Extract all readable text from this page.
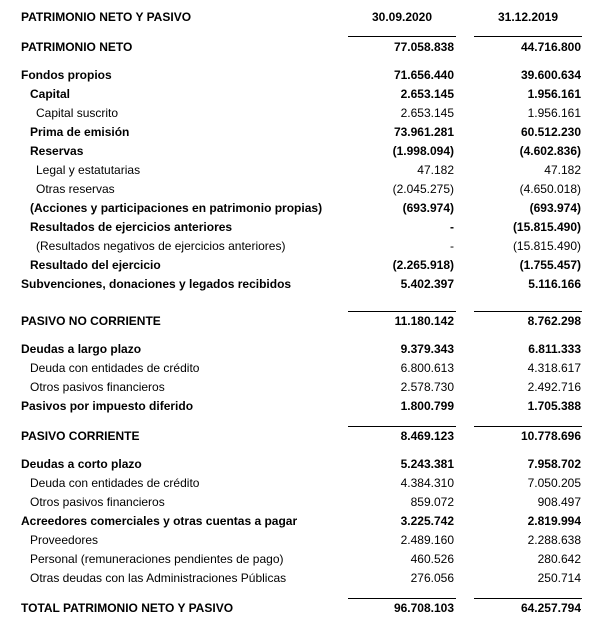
PATRIMONIO NETO Y PASIVO	30.09.2020	31.12.2019
PATRIMONIO NETO	77.058.838	44.716.800
Fondos propios	71.656.440	39.600.634
Capital	2.653.145	1.956.161
Capital suscrito	2.653.145	1.956.161
Prima de emisión	73.961.281	60.512.230
Reservas	(1.998.094)	(4.602.836)
Legal y estatutarias	47.182	47.182
Otras reservas	(2.045.275)	(4.650.018)
(Acciones y participaciones en patrimonio propias)	(693.974)	(693.974)
Resultados de ejercicios anteriores	-	(15.815.490)
(Resultados negativos de ejercicios anteriores)	-	(15.815.490)
Resultado del ejercicio	(2.265.918)	(1.755.457)
Subvenciones, donaciones y legados recibidos	5.402.397	5.116.166
PASIVO NO CORRIENTE	11.180.142	8.762.298
Deudas a largo plazo	9.379.343	6.811.333
Deuda con entidades de crédito	6.800.613	4.318.617
Otros pasivos financieros	2.578.730	2.492.716
Pasivos por impuesto diferido	1.800.799	1.705.388
PASIVO CORRIENTE	8.469.123	10.778.696
Deudas a corto plazo	5.243.381	7.958.702
Deuda con entidades de crédito	4.384.310	7.050.205
Otros pasivos financieros	859.072	908.497
Acreedores comerciales y otras cuentas a pagar	3.225.742	2.819.994
Proveedores	2.489.160	2.288.638
Personal (remuneraciones pendientes de pago)	460.526	280.642
Otras deudas con las Administraciones Públicas	276.056	250.714
TOTAL PATRIMONIO NETO Y PASIVO	96.708.103	64.257.794
